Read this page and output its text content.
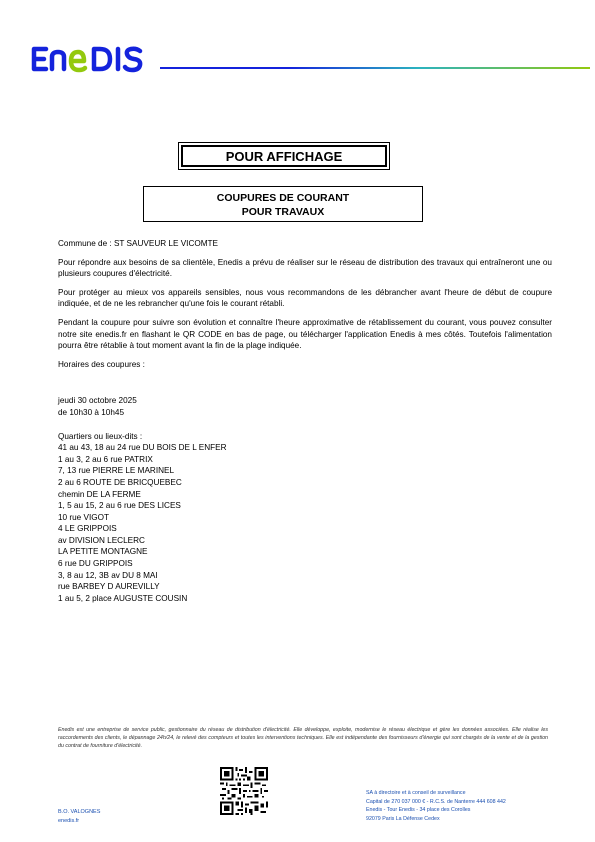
POUR AFFICHAGE
COUPURES DE COURANT
POUR TRAVAUX

Commune de : ST SAUVEUR LE VICOMTE

Pour répondre aux besoins de sa clientèle, Enedis a prévu de réaliser sur le réseau de distribution des travaux qui entraîneront une ou plusieurs coupures d'électricité.

Pour protéger au mieux vos appareils sensibles, nous vous recommandons de les débrancher avant l'heure de début de coupure indiquée, et de ne les rebrancher qu'une fois le courant rétabli.

Pendant la coupure pour suivre son évolution et connaître l'heure approximative de rétablissement du courant, vous pouvez consulter notre site enedis.fr en flashant le QR CODE en bas de page, ou télécharger l'application Enedis à mes côtés. Toutefois l'alimentation pourra être rétablie à tout moment avant la fin de la plage indiquée.

Horaires des coupures :

jeudi 30 octobre 2025
de 10h30 à 10h45
Quartiers ou lieux-dits :
41 au 43, 18 au 24 rue DU BOIS DE L ENFER
1 au 3, 2 au 6 rue PATRIX
7, 13 rue PIERRE LE MARINEL
2 au 6 ROUTE DE BRICQUEBEC
chemin DE LA FERME
1, 5 au 15, 2 au 6 rue DES LICES
10 rue VIGOT
4 LE GRIPPOIS
av DIVISION LECLERC
LA PETITE MONTAGNE
6 rue DU GRIPPOIS
3, 8 au 12, 3B av DU 8 MAI
rue BARBEY D AUREVILLY
1 au 5, 2 place AUGUSTE COUSIN
Enedis est une entreprise de service public, gestionnaire du réseau de distribution d'électricité. Elle développe, exploite, modernise le réseau électrique et gère les données associées. Elle réalise les raccordements des clients, le dépannage 24h/24, le relevé des compteurs et toutes les interventions techniques. Elle est indépendante des fournisseurs d'énergie qui sont chargés de la vente et de la gestion du contrat de fourniture d'électricité.
B.O. VALOGNES
enedis.fr
SA à directoire et à conseil de surveillance
Capital de 270 037 000 € - R.C.S. de Nanterre 444 608 442
Enedis - Tour Enedis - 34 place des Corolles
92079 Paris La Défense Cedex
